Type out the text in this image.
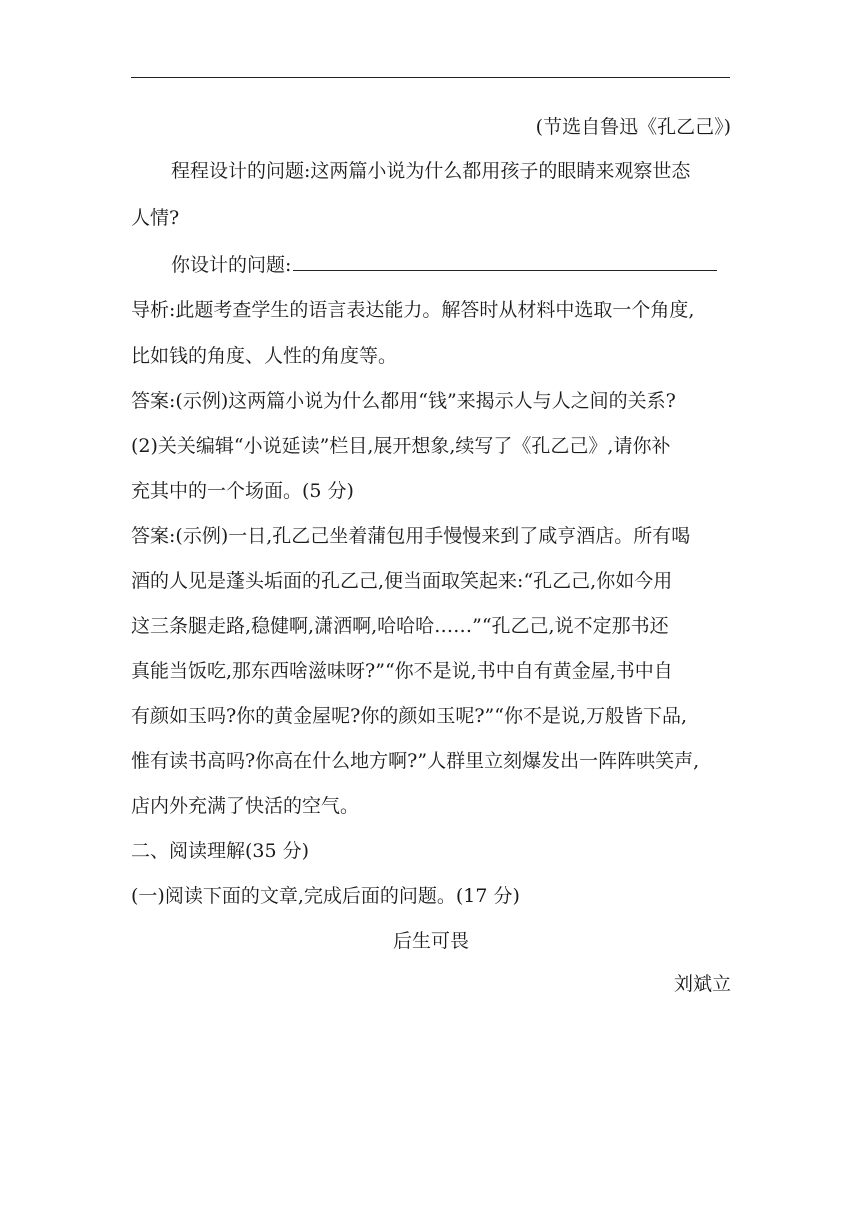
(节选自鲁迅《孔乙己》)
程程设计的问题:这两篇小说为什么都用孩子的眼睛来观察世态
人情?
你设计的问题:
导析:此题考查学生的语言表达能力。解答时从材料中选取一个角度,
比如钱的角度、人性的角度等。
答案:(示例)这两篇小说为什么都用“钱”来揭示人与人之间的关系?
(2)关关编辑“小说延读”栏目,展开想象,续写了《孔乙己》,请你补
充其中的一个场面。(5 分)
答案:(示例)一日,孔乙己坐着蒲包用手慢慢来到了咸亨酒店。所有喝
酒的人见是蓬头垢面的孔乙己,便当面取笑起来:“孔乙己,你如今用
这三条腿走路,稳健啊,潇洒啊,哈哈哈……”“孔乙己,说不定那书还
真能当饭吃,那东西啥滋味呀?”“你不是说,书中自有黄金屋,书中自
有颜如玉吗?你的黄金屋呢?你的颜如玉呢?”“你不是说,万般皆下品,
惟有读书高吗?你高在什么地方啊?”人群里立刻爆发出一阵阵哄笑声,
店内外充满了快活的空气。
二、阅读理解(35 分)
(一)阅读下面的文章,完成后面的问题。(17 分)
后生可畏
刘斌立
